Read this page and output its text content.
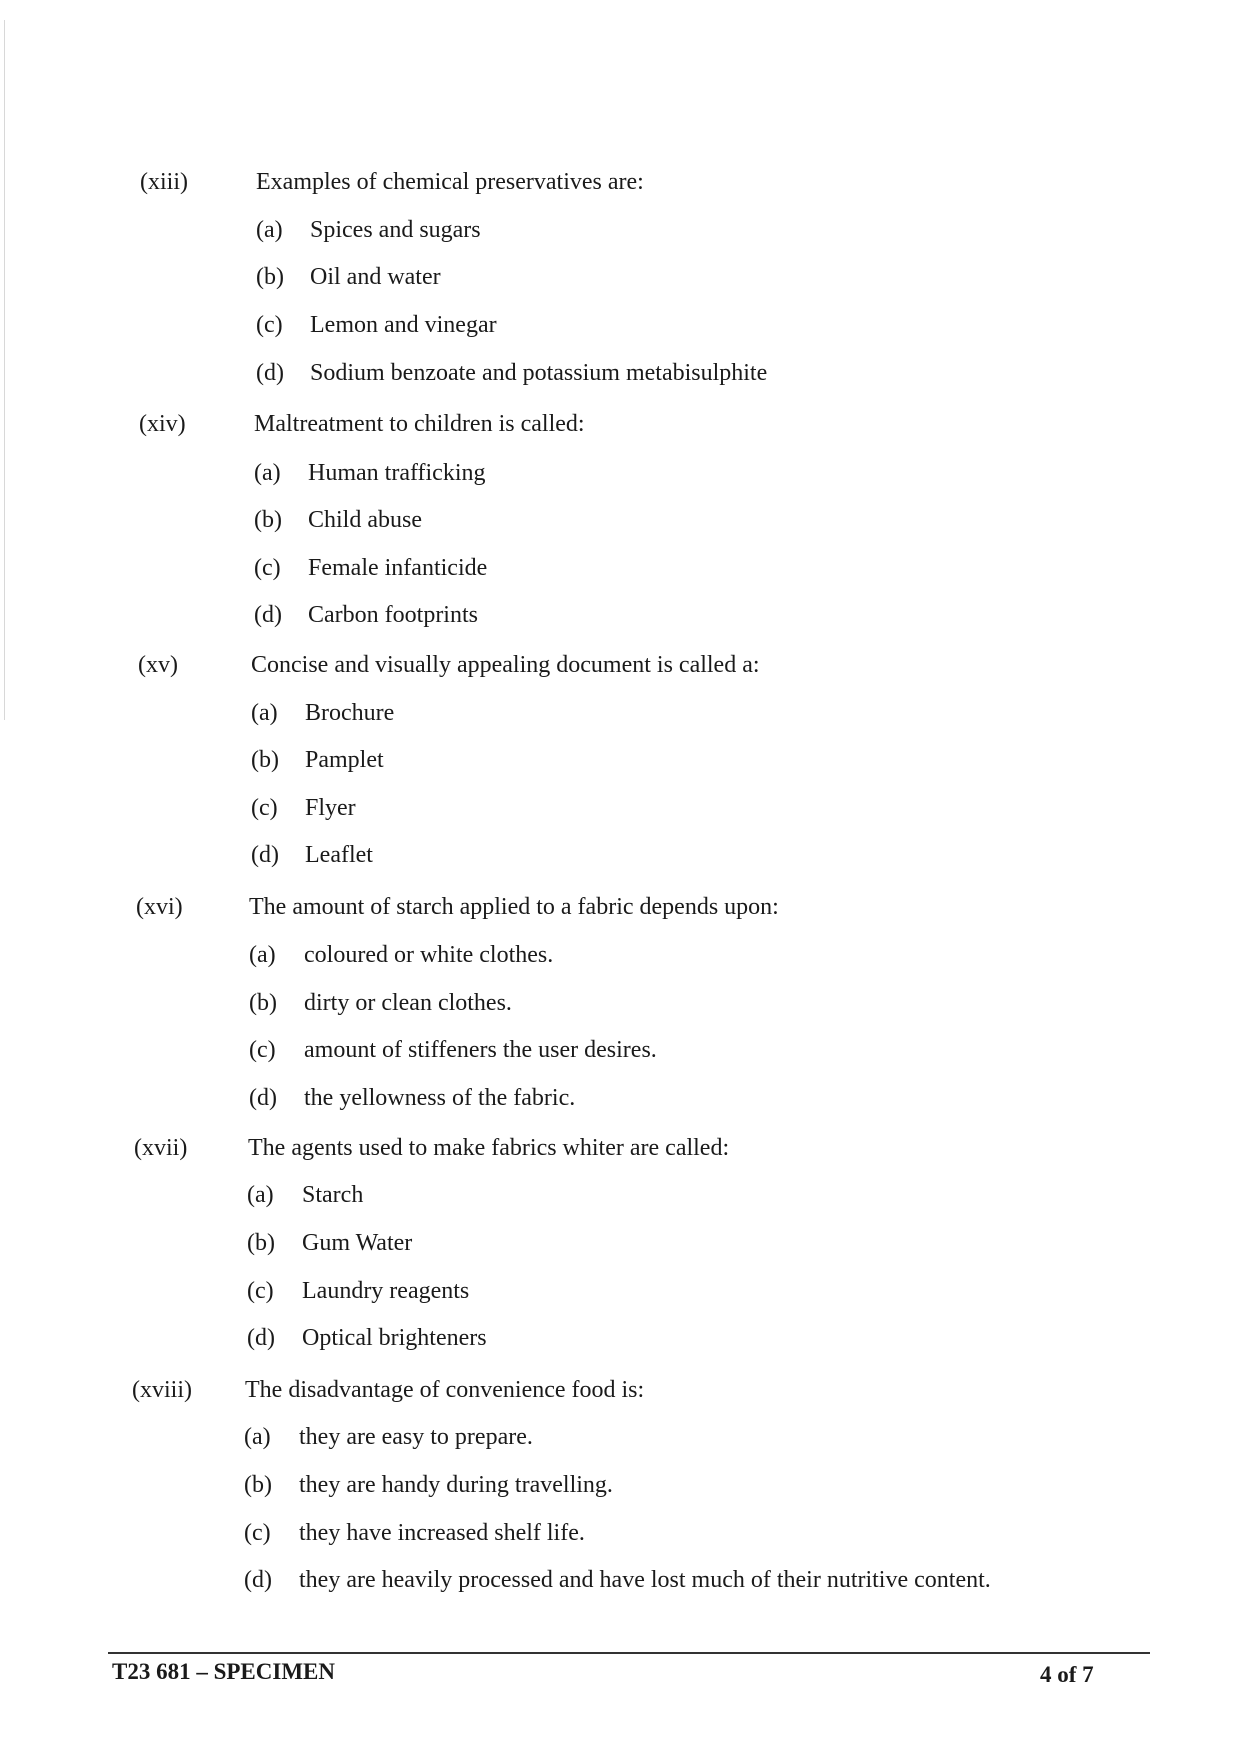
(xiii)	Examples of chemical preservatives are:
(a) Spices and sugars
(b) Oil and water
(c) Lemon and vinegar
(d) Sodium benzoate and potassium metabisulphite
(xiv)	Maltreatment to children is called:
(a) Human trafficking
(b) Child abuse
(c) Female infanticide
(d) Carbon footprints
(xv)	Concise and visually appealing document is called a:
(a) Brochure
(b) Pamplet
(c) Flyer
(d) Leaflet
(xvi)	The amount of starch applied to a fabric depends upon:
(a) coloured or white clothes.
(b) dirty or clean clothes.
(c) amount of stiffeners the user desires.
(d) the yellowness of the fabric.
(xvii)	The agents used to make fabrics whiter are called:
(a) Starch
(b) Gum Water
(c) Laundry reagents
(d) Optical brighteners
(xviii) The disadvantage of convenience food is:
(a) they are easy to prepare.
(b) they are handy during travelling.
(c) they have increased shelf life.
(d) they are heavily processed and have lost much of their nutritive content.
T23 681 – SPECIMEN	4 of 7
